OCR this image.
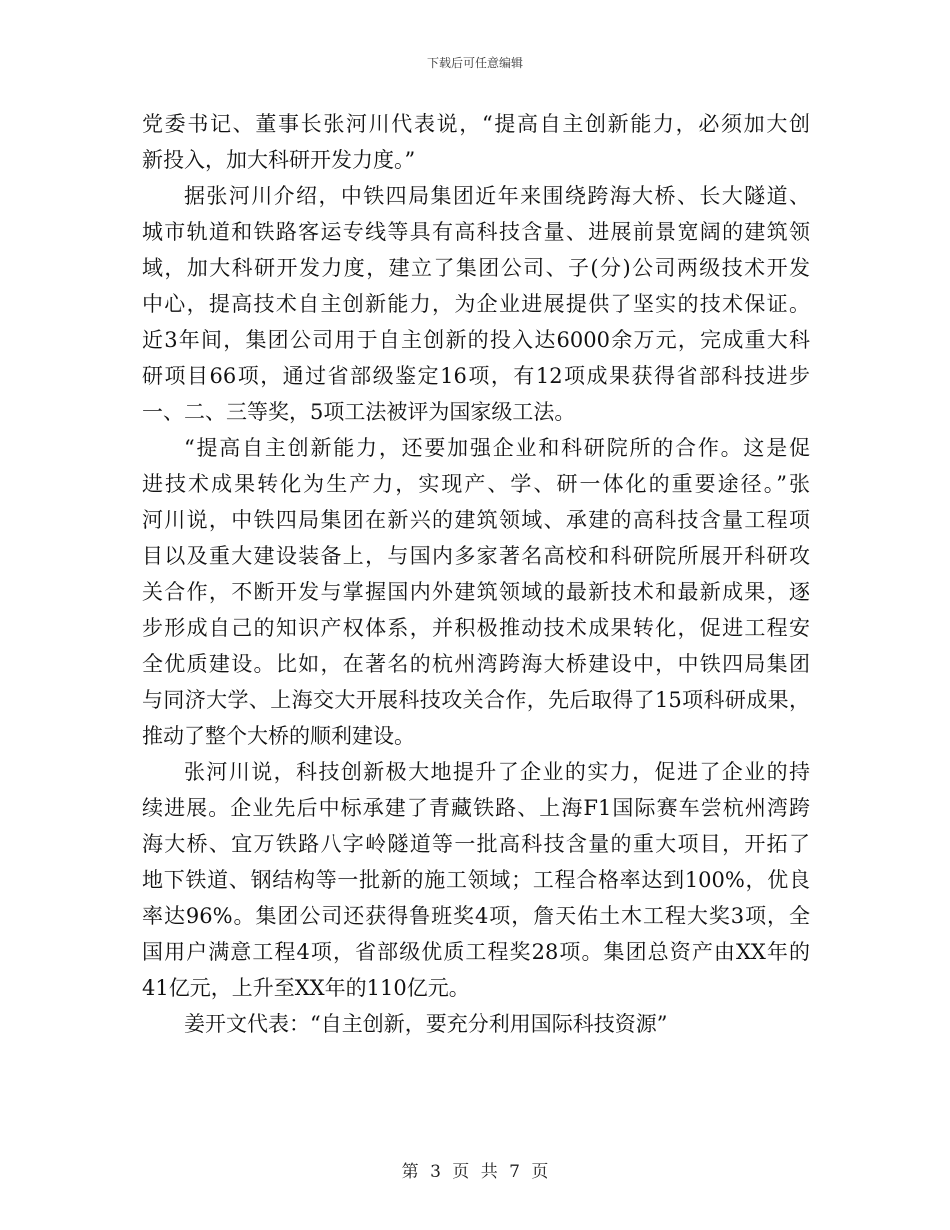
下载后可任意编辑
党委书记、董事长张河川代表说，“提高自主创新能力，必须加大创
新投入，加大科研开发力度。”
据张河川介绍，中铁四局集团近年来围绕跨海大桥、长大隧道、
城市轨道和铁路客运专线等具有高科技含量、进展前景宽阔的建筑领
域，加大科研开发力度，建立了集团公司、子(分)公司两级技术开发
中心，提高技术自主创新能力，为企业进展提供了坚实的技术保证。
近3年间，集团公司用于自主创新的投入达6000余万元，完成重大科
研项目66项，通过省部级鉴定16项，有12项成果获得省部科技进步
一、二、三等奖，5项工法被评为国家级工法。
“提高自主创新能力，还要加强企业和科研院所的合作。这是促
进技术成果转化为生产力，实现产、学、研一体化的重要途径。”张
河川说，中铁四局集团在新兴的建筑领域、承建的高科技含量工程项
目以及重大建设装备上，与国内多家著名高校和科研院所展开科研攻
关合作，不断开发与掌握国内外建筑领域的最新技术和最新成果，逐
步形成自己的知识产权体系，并积极推动技术成果转化，促进工程安
全优质建设。比如，在著名的杭州湾跨海大桥建设中，中铁四局集团
与同济大学、上海交大开展科技攻关合作，先后取得了15项科研成果，
推动了整个大桥的顺利建设。
张河川说，科技创新极大地提升了企业的实力，促进了企业的持
续进展。企业先后中标承建了青藏铁路、上海F1国际赛车尝杭州湾跨
海大桥、宜万铁路八字岭隧道等一批高科技含量的重大项目，开拓了
地下铁道、钢结构等一批新的施工领域；工程合格率达到100%，优良
率达96%。集团公司还获得鲁班奖4项，詹天佑土木工程大奖3项，全
国用户满意工程4项，省部级优质工程奖28项。集团总资产由XX年的
41亿元，上升至XX年的110亿元。
姜开文代表：“自主创新，要充分利用国际科技资源”
第 3 页 共 7 页
